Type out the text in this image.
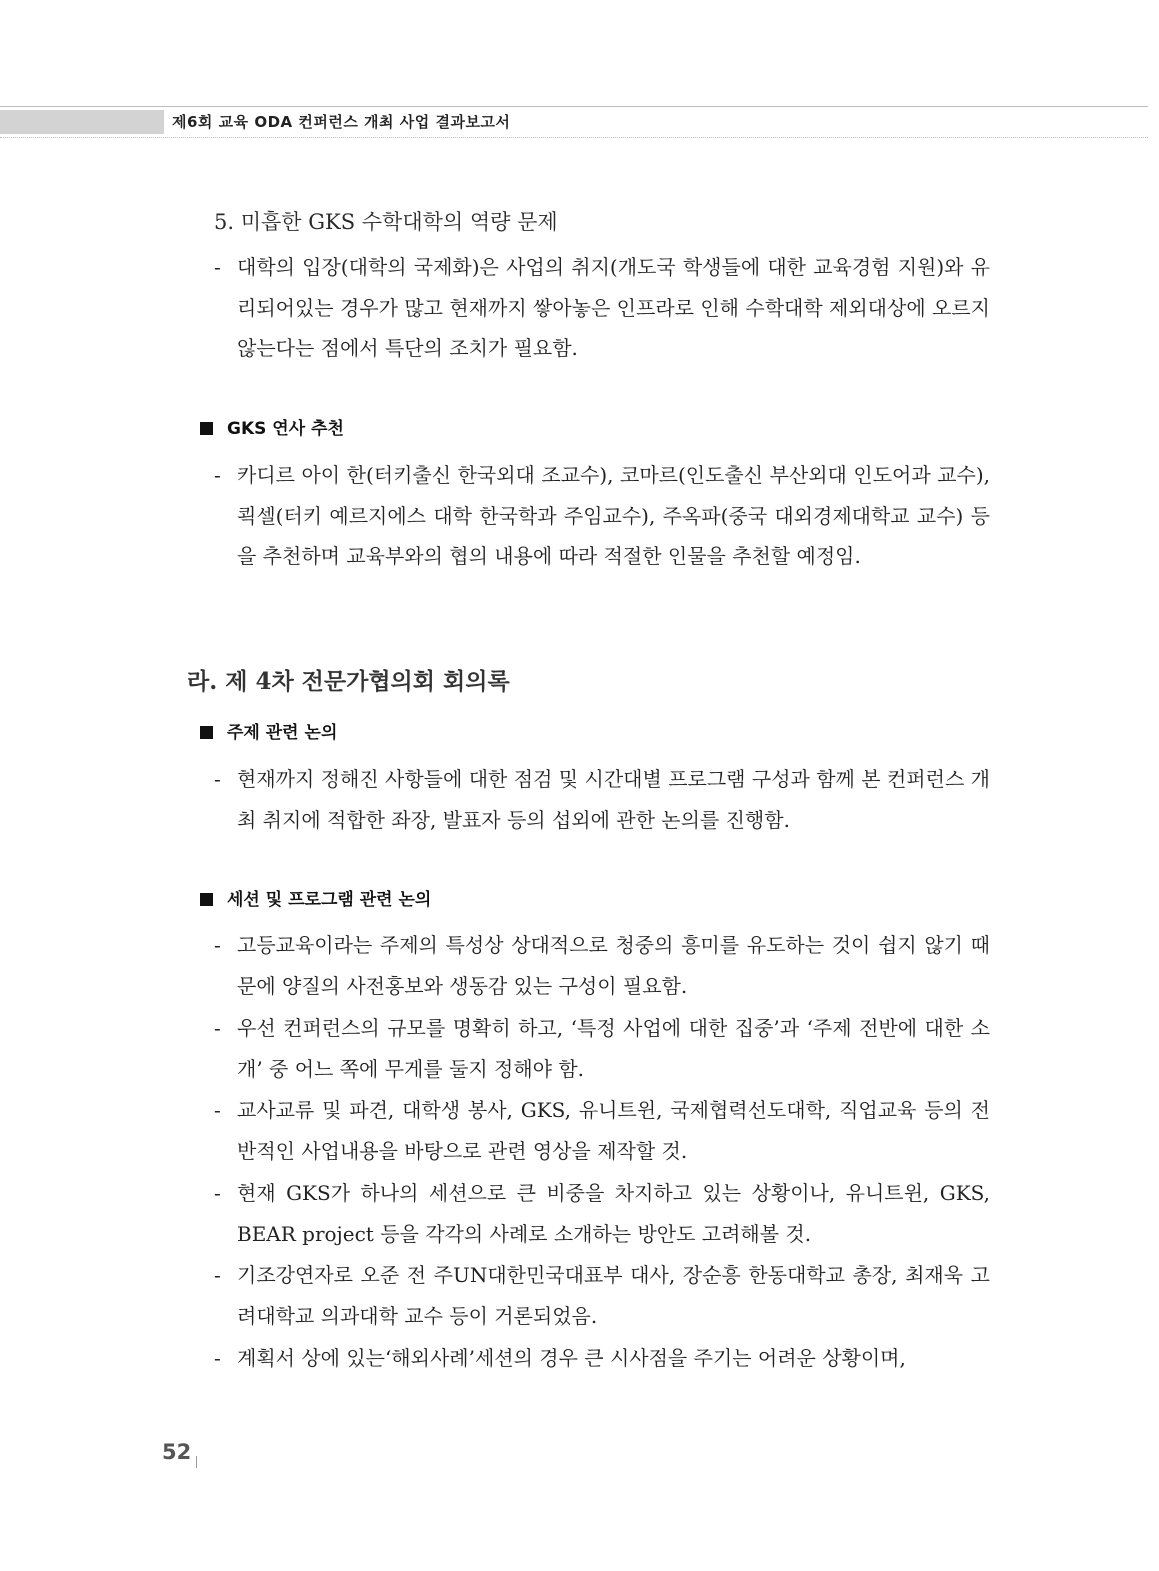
제6회 교육 ODA 컨퍼런스 개최 사업 결과보고서
5. 미흡한 GKS 수학대학의 역량 문제
- 대학의 입장(대학의 국제화)은 사업의 취지(개도국 학생들에 대한 교육경험 지원)와 유리되어있는 경우가 많고 현재까지 쌓아놓은 인프라로 인해 수학대학 제외대상에 오르지 않는다는 점에서 특단의 조치가 필요함.
GKS 연사 추천
- 카디르 아이 한(터키출신 한국외대 조교수), 코마르(인도출신 부산외대 인도어과 교수), 쾩셀(터키 예르지에스 대학 한국학과 주임교수), 주옥파(중국 대외경제대학교 교수) 등을 추천하며 교육부와의 협의 내용에 따라 적절한 인물을 추천할 예정임.
라. 제 4차 전문가협의회 회의록
주제 관련 논의
- 현재까지 정해진 사항들에 대한 점검 및 시간대별 프로그램 구성과 함께 본 컨퍼런스 개최 취지에 적합한 좌장, 발표자 등의 섭외에 관한 논의를 진행함.
세션 및 프로그램 관련 논의
- 고등교육이라는 주제의 특성상 상대적으로 청중의 흥미를 유도하는 것이 쉽지 않기 때문에 양질의 사전홍보와 생동감 있는 구성이 필요함.
- 우선 컨퍼런스의 규모를 명확히 하고, ‘특정 사업에 대한 집중’과 ‘주제 전반에 대한 소개’ 중 어느 쪽에 무게를 둘지 정해야 함.
- 교사교류 및 파견, 대학생 봉사, GKS, 유니트윈, 국제협력선도대학, 직업교육 등의 전반적인 사업내용을 바탕으로 관련 영상을 제작할 것.
- 현재 GKS가 하나의 세션으로 큰 비중을 차지하고 있는 상황이나, 유니트윈, GKS, BEAR project 등을 각각의 사례로 소개하는 방안도 고려해볼 것.
- 기조강연자로 오준 전 주UN대한민국대표부 대사, 장순흥 한동대학교 총장, 최재욱 고려대학교 의과대학 교수 등이 거론되었음.
- 계획서 상에 있는‘해외사례’세션의 경우 큰 시사점을 주기는 어려운 상황이며,
52
